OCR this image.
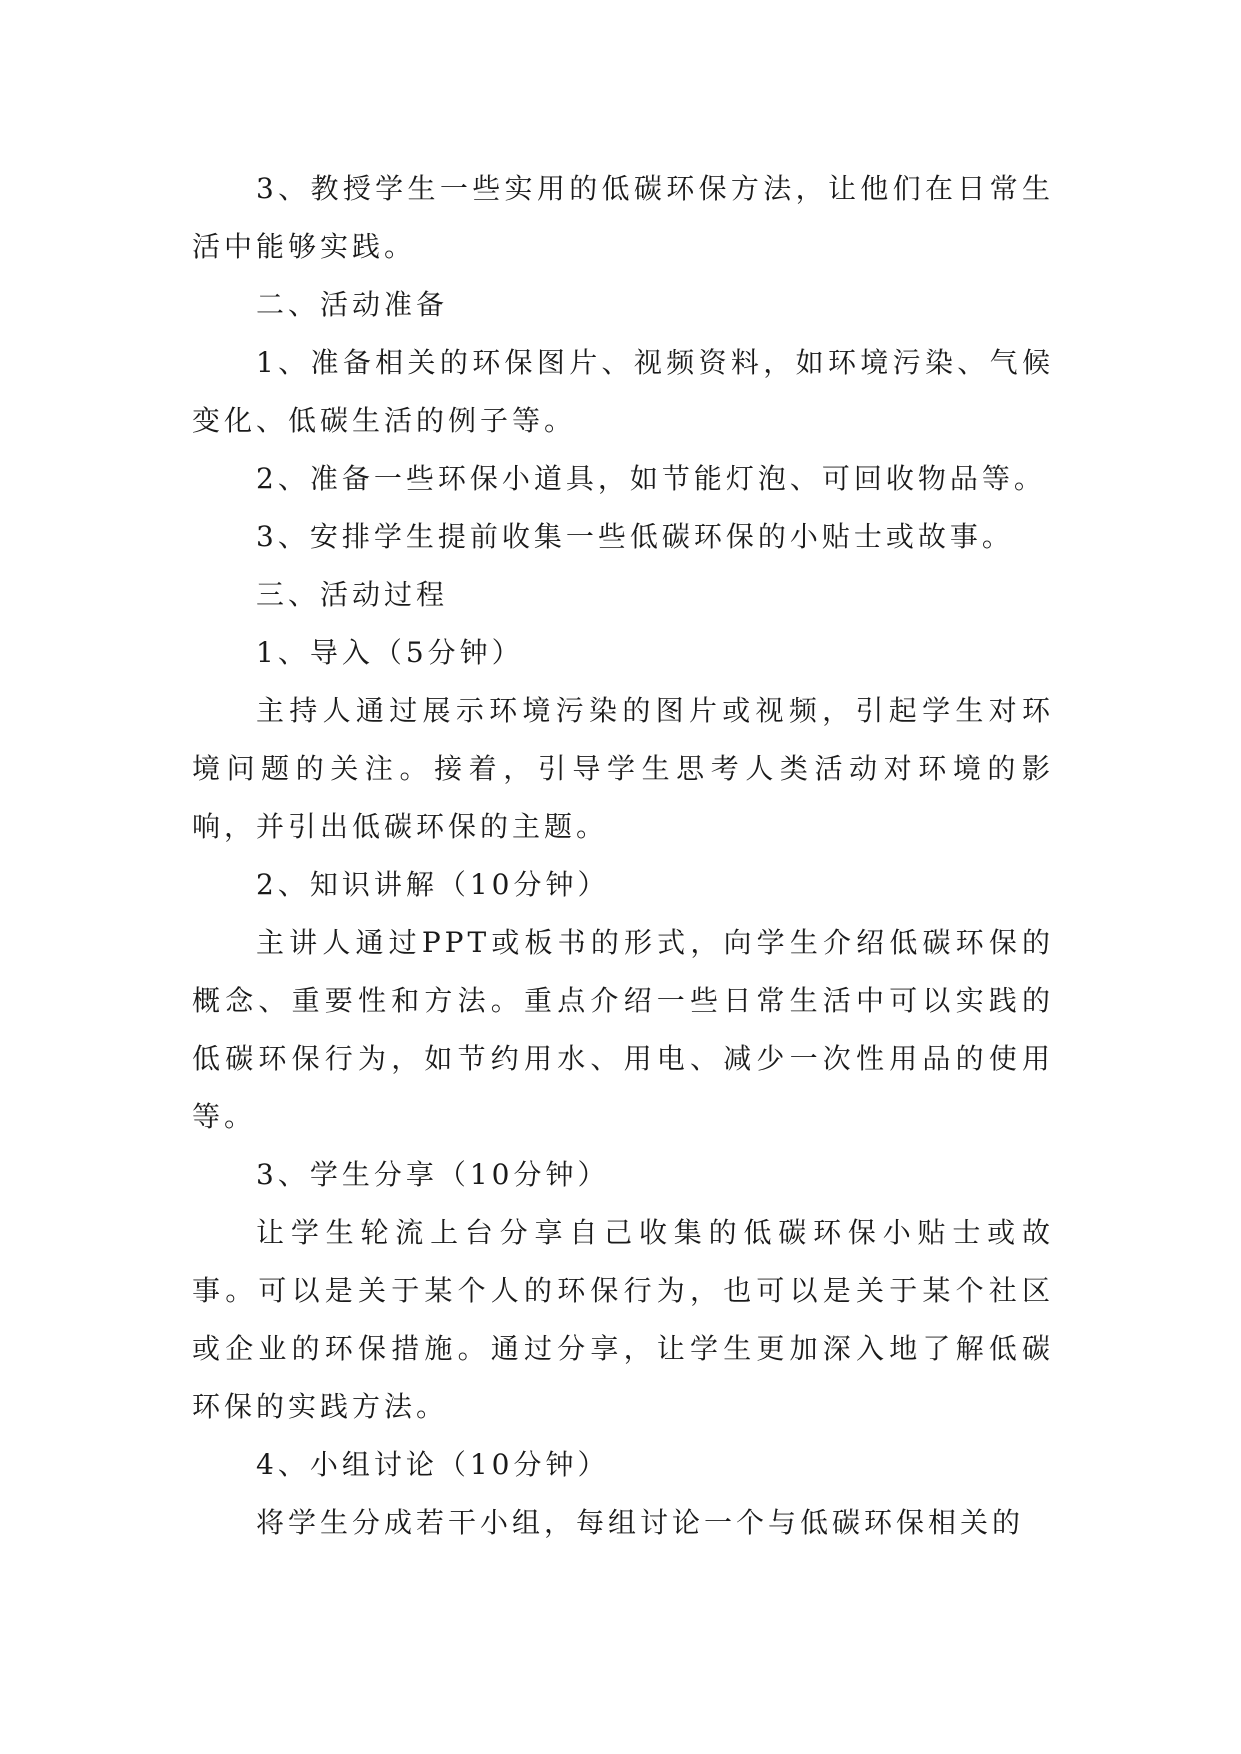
3、教授学生一些实用的低碳环保方法，让他们在日常生活中能够实践。

二、活动准备

1、准备相关的环保图片、视频资料，如环境污染、气候变化、低碳生活的例子等。

2、准备一些环保小道具，如节能灯泡、可回收物品等。

3、安排学生提前收集一些低碳环保的小贴士或故事。

三、活动过程

1、导入（5分钟）

主持人通过展示环境污染的图片或视频，引起学生对环境问题的关注。接着，引导学生思考人类活动对环境的影响，并引出低碳环保的主题。

2、知识讲解（10分钟）

主讲人通过PPT或板书的形式，向学生介绍低碳环保的概念、重要性和方法。重点介绍一些日常生活中可以实践的低碳环保行为，如节约用水、用电、减少一次性用品的使用等。

3、学生分享（10分钟）

让学生轮流上台分享自己收集的低碳环保小贴士或故事。可以是关于某个人的环保行为，也可以是关于某个社区或企业的环保措施。通过分享，让学生更加深入地了解低碳环保的实践方法。

4、小组讨论（10分钟）

将学生分成若干小组，每组讨论一个与低碳环保相关的
